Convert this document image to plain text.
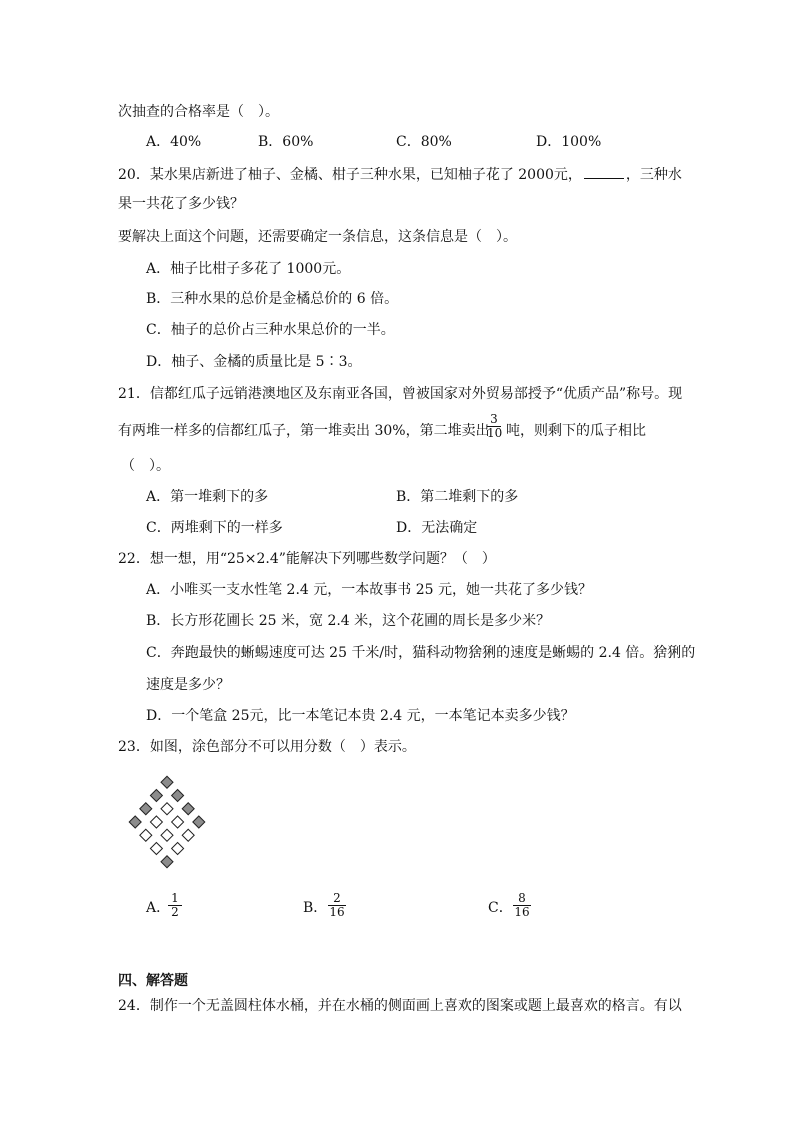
次抽查的合格率是（　）。
A．40%	B．60%	C．80%	D．100%
20．某水果店新进了柚子、金橘、柑子三种水果，已知柚子花了 2000元，	，三种水
果一共花了多少钱？
要解决上面这个问题，还需要确定一条信息，这条信息是（　）。
A．柚子比柑子多花了 1000元。
B．三种水果的总价是金橘总价的 6 倍。
C．柚子的总价占三种水果总价的一半。
D．柚子、金橘的质量比是 5∶3。
21．信都红瓜子远销港澳地区及东南亚各国，曾被国家对外贸易部授予“优质产品”称号。现
有两堆一样多的信都红瓜子，第一堆卖出 30%，第二堆卖出
$\frac{3}{10}$ 吨，则剩下的瓜子相比
（　）。
A．第一堆剩下的多	B．第二堆剩下的多
C．两堆剩下的一样多	D．无法确定
22．想一想，用“25×2.4”能解决下列哪些数学问题？（　）
A．小唯买一支水性笔 2.4 元，一本故事书 25 元，她一共花了多少钱？
B．长方形花圃长 25 米，宽 2.4 米，这个花圃的周长是多少米？
C．奔跑最快的蜥蜴速度可达 25 千米/时，猫科动物猞猁的速度是蜥蜴的 2.4 倍。猞猁的
速度是多少？
D．一个笔盒 25元，比一本笔记本贵 2.4 元，一本笔记本卖多少钱？
23．如图，涂色部分不可以用分数（　）表示。
A．
$\frac{1}{2}$	B． $\frac{2}{16}$	C． $\frac{8}{16}$
四、解答题
24．制作一个无盖圆柱体水桶，并在水桶的侧面画上喜欢的图案或题上最喜欢的格言。有以
